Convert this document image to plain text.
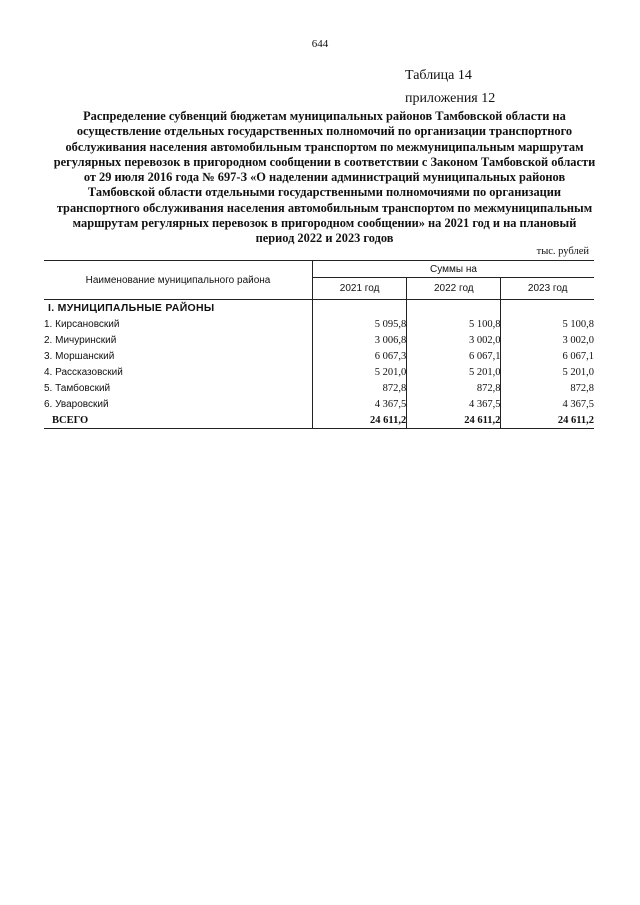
644
Таблица 14
приложения 12
Распределение субвенций бюджетам муниципальных районов Тамбовской области на осуществление отдельных государственных полномочий по организации транспортного обслуживания населения автомобильным транспортом по межмуниципальным маршрутам регулярных перевозок в пригородном сообщении в соответствии с Законом Тамбовской области от 29 июля 2016 года № 697-З «О наделении администраций муниципальных районов Тамбовской области отдельными государственными полномочиями по организации транспортного обслуживания населения автомобильным транспортом по межмуниципальным маршрутам регулярных перевозок в пригородном сообщении» на 2021 год и на плановый период 2022 и 2023 годов
тыс. рублей
Наименование муниципального района	Суммы на		
	2021 год	2022 год	2023 год
I. МУНИЦИПАЛЬНЫЕ РАЙОНЫ			
1. Кирсановский	5 095,8	5 100,8	5 100,8
2. Мичуринский	3 006,8	3 002,0	3 002,0
3. Моршанский	6 067,3	6 067,1	6 067,1
4. Рассказовский	5 201,0	5 201,0	5 201,0
5. Тамбовский	872,8	872,8	872,8
6. Уваровский	4 367,5	4 367,5	4 367,5
ВСЕГО	24 611,2	24 611,2	24 611,2
